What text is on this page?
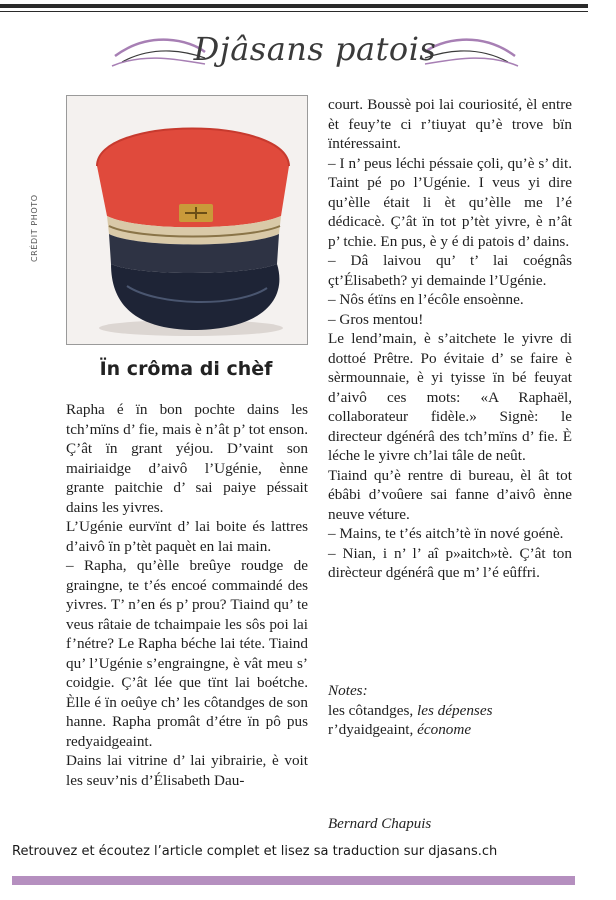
Djâsans patois
CRÉDIT PHOTO
Ïn crôma di chèf

Rapha é ïn bon pochte dains les tch’mïns d’ fie, mais è n’ât p’ tot enson. Ç’ât ïn grant yéjou. D’vaint son mairiaidge d’aivô l’Ugénie, ènne grante paitchie d’ sai paiye péssait dains les yivres.

L’Ugénie eurvïnt d’ lai boite és lattres d’aivô ïn p’tèt paquèt en lai main.

– Rapha, qu’èlle breûye roudge de graingne, te t’és encoé commaindé des yivres. T’ n’en és p’ prou? Tiaind qu’ te veus râtaie de tchaimpaie les sôs poi lai f’nétre? Le Rapha béche lai téte. Tiaind qu’ l’Ugénie s’engraingne, è vât meu s’ coidgie. Ç’ât lée que tïnt lai boétche. Èlle é ïn oeûye ch’ les côtandges de son hanne. Rapha promât d’étre ïn pô pus redyaidgeaint.

Dains lai vitrine d’ lai yibrairie, è voit les seuv’nis d’Élisabeth Dau-

court. Boussè poi lai couriosité, èl entre èt feuy’te ci r’tiuyat qu’è trove bïn ïntéressaint.

– I n’ peus léchi péssaie çoli, qu’è s’ dit. Taint pé po l’Ugénie. I veus yi dire qu’èlle était li èt qu’èlle me l’é dédicacè. Ç’ât ïn tot p’tèt yivre, è n’ât p’ tchie. En pus, è y é di patois d’ dains.

– Dâ laivou qu’ t’ lai coégnâs çt’Élisabeth? yi demainde l’Ugénie.

– Nôs étïns en l’écôle ensoènne.

– Gros mentou!

Le lend’main, è s’aitchete le yivre di dottoé Prêtre. Po évitaie d’ se faire è sèrmounnaie, è yi tyisse ïn bé feuyat d’aivô ces mots: «A Raphaël, collaborateur fidèle.» Signè: le directeur dgénérâ des tch’mïns d’ fie. È léche le yivre ch’lai tâle de neût.

Tiaind qu’è rentre di bureau, èl ât tot ébâbi d’voûere sai fanne d’aivô ènne neuve véture.

– Mains, te t’és aitch’tè ïn nové goénè.

– Nian, i n’ l’ aî p»aitch»tè. Ç’ât ton dirècteur dgénérâ que m’ l’é eûffri.

Notes:
les côtandges, les dépenses
r’dyaidgeaint, économe
Bernard Chapuis
Retrouvez et écoutez l’article complet et lisez sa traduction sur djasans.ch
